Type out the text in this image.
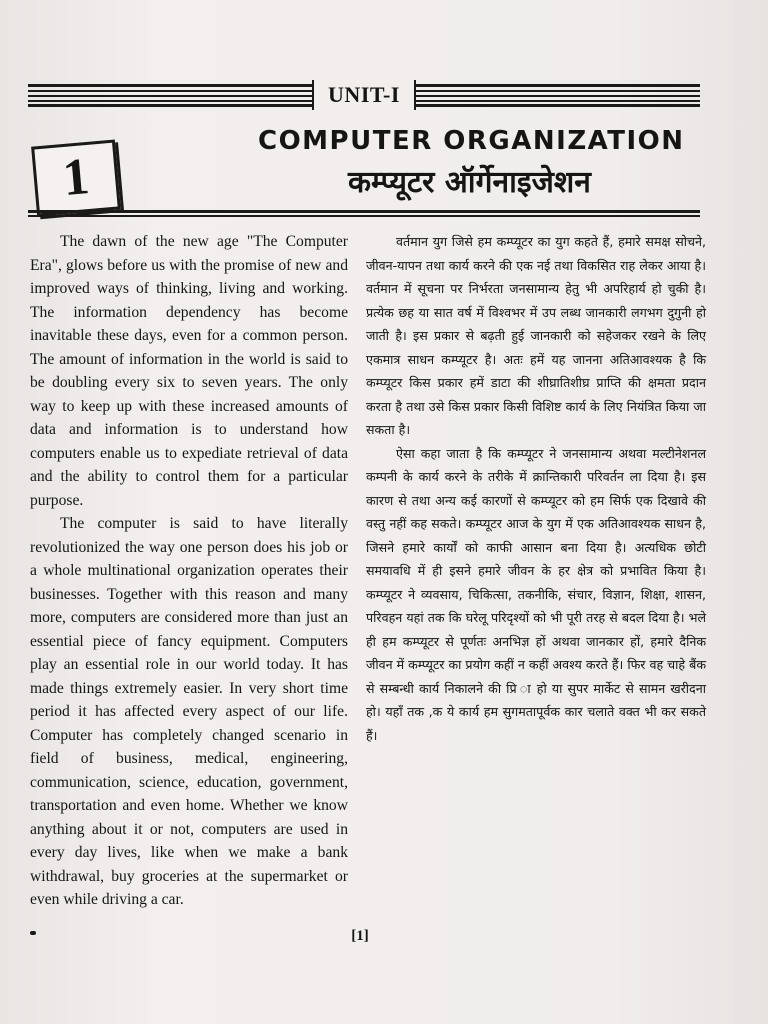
UNIT-I
1
COMPUTER ORGANIZATION
कम्प्यूटर ऑर्गेनाइजेशन

The dawn of the new age "The Computer Era", glows before us with the promise of new and improved ways of thinking, living and working. The information dependency has become inavitable these days, even for a common person. The amount of information in the world is said to be doubling every six to seven years. The only way to keep up with these increased amounts of data and information is to understand how computers enable us to expediate retrieval of data and the ability to control them for a particular purpose.

The computer is said to have literally revolutionized the way one person does his job or a whole multinational organization operates their businesses. Together with this reason and many more, computers are considered more than just an essential piece of fancy equipment. Computers play an essential role in our world today. It has made things extremely easier. In very short time period it has affected every aspect of our life. Computer has completely changed scenario in field of business, medical, engineering, communication, science, education, government, transportation and even home. Whether we know anything about it or not, computers are used in every day lives, like when we make a bank withdrawal, buy groceries at the supermarket or even while driving a car.

वर्तमान युग जिसे हम कम्प्यूटर का युग कहते हैं, हमारे समक्ष सोचने, जीवन-यापन तथा कार्य करने की एक नई तथा विकसित राह लेकर आया है। वर्तमान में सूचना पर निर्भरता जनसामान्य हेतु भी अपरिहार्य हो चुकी है। प्रत्येक छह या सात वर्ष में विश्वभर में उप लब्ध जानकारी लगभग दुगुनी हो जाती है। इस प्रकार से बढ़ती हुई जानकारी को सहेजकर रखने के लिए एकमात्र साधन कम्प्यूटर है। अतः हमें यह जानना अतिआवश्यक है कि कम्प्यूटर किस प्रकार हमें डाटा की शीघ्रातिशीघ्र प्राप्ति की क्षमता प्रदान करता है तथा उसे किस प्रकार किसी विशिष्ट कार्य के लिए नियंत्रित किया जा सकता है।

ऐसा कहा जाता है कि कम्प्यूटर ने जनसामान्य अथवा मल्टीनेशनल कम्पनी के कार्य करने के तरीके में क्रान्तिकारी परिवर्तन ला दिया है। इस कारण से तथा अन्य कई कारणों से कम्प्यूटर को हम सिर्फ एक दिखावे की वस्तु नहीं कह सकते। कम्प्यूटर आज के युग में एक अतिआवश्यक साधन है, जिसने हमारे कार्यों को काफी आसान बना दिया है। अत्यधिक छोटी समयावधि में ही इसने हमारे जीवन के हर क्षेत्र को प्रभावित किया है। कम्प्यूटर ने व्यवसाय, चिकित्सा, तकनीकि, संचार, विज्ञान, शिक्षा, शासन, परिवहन यहां तक कि घरेलू परिदृश्यों को भी पूरी तरह से बदल दिया है। भले ही हम कम्प्यूटर से पूर्णतः अनभिज्ञ हों अथवा जानकार हों, हमारे दैनिक जीवन में कम्प्यूटर का प्रयोग कहीं न कहीं अवश्य करते हैं। फिर वह चाहे बैंक से सम्बन्धी कार्य निकालने की प्रि ा हो या सुपर मार्केट से सामन खरीदना हो। यहाँ तक ,क ये कार्य हम सुगमतापूर्वक कार चलाते वक्त भी कर सकते हैं।

[1]
